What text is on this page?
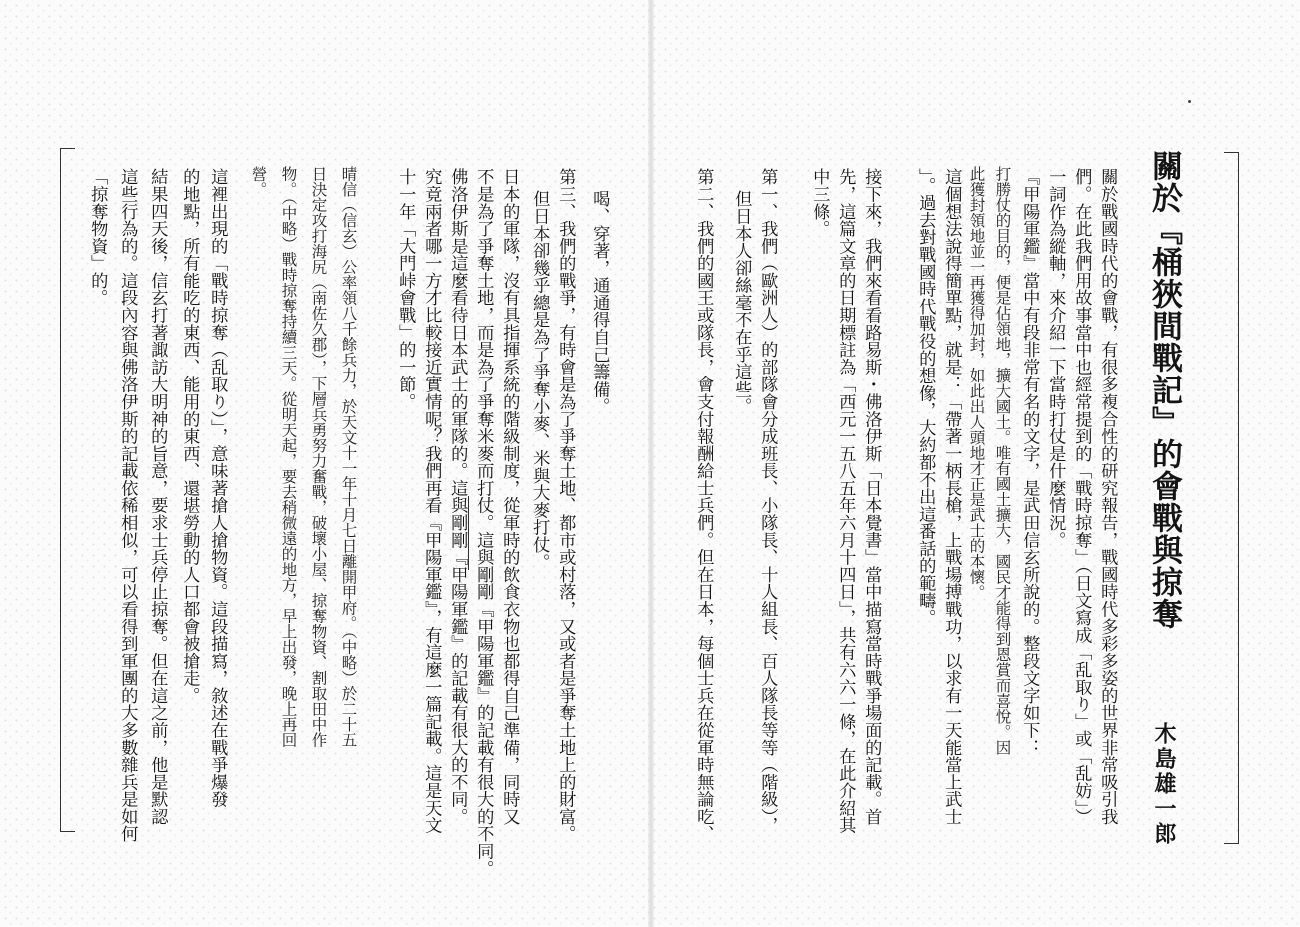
關於『桶狹間戰記』的會戰與掠奪
木島雄一郎
關於戰國時代的會戰，有很多複合性的研究報告，戰國時代多彩多姿的世界非常吸引我
們。在此我們用故事當中也經常提到的「戰時掠奪」（日文寫成「乱取り」或「乱妨」）
一詞作為縱軸，來介紹一下當時打仗是什麼情況。
『甲陽軍鑑』當中有段非常有名的文字，是武田信玄所說的。整段文字如下：
打勝仗的目的，便是佔領地，擴大國土。唯有國土擴大，國民才能得到恩賞而喜悅。因
此獲封領地並一再獲得加封，如此出人頭地才正是武士的本懷。
這個想法說得簡單點，就是：「帶著一柄長槍，上戰場搏戰功，以求有一天能當上武士
」。過去對戰國時代戰役的想像，大約都不出這番話的範疇。
接下來，我們來看看路易斯・佛洛伊斯「日本覺書」當中描寫當時戰爭場面的記載。首
先，這篇文章的日期標註為「西元一五八五年六月十四日」，共有六六一條，在此介紹其
中三條。
第一、我們（歐洲人）的部隊會分成班長、小隊長、十人組長、百人隊長等等（階級），
但日本人卻絲毫不在乎這些。
第二、我們的國王或隊長，會支付報酬給士兵們。但在日本，每個士兵在從軍時無論吃、
喝、穿著，通通得自己籌備。
第三、我們的戰爭，有時會是為了爭奪土地、都市或村落，又或者是爭奪土地上的財富。
但日本卻幾乎總是為了爭奪小麥、米與大麥打仗。
日本的軍隊，沒有具指揮系統的階級制度，從軍時的飲食衣物也都得自己準備，同時又
不是為了爭奪土地，而是為了爭奪米麥而打仗。這與剛剛『甲陽軍鑑』的記載有很大的不同。
佛洛伊斯是這麼看待日本武士的軍隊的。這與剛剛『甲陽軍鑑』的記載有很大的不同。
究竟兩者哪一方才比較接近實情呢？我們再看『甲陽軍鑑』，有這麼一篇記載。這是天文
十一年「大門峠會戰」的一節。
晴信（信玄）公率領八千餘兵力，於天文十一年十月七日離開甲府。（中略）於二十五
日決定攻打海尻（南佐久郡），下層兵勇努力奮戰，破壞小屋、掠奪物資、割取田中作
物。（中略）戰時掠奪持續三天。從明天起，要去稍微遠的地方，早上出發，晚上再回
營。
這裡出現的「戰時掠奪（乱取り）」，意味著搶人搶物資。這段描寫，敘述在戰爭爆發
的地點，所有能吃的東西、能用的東西、還堪勞動的人口都會被搶走。
結果四天後，信玄打著諏訪大明神的旨意，要求士兵停止掠奪。但在這之前，他是默認
這些行為的。這段內容與佛洛伊斯的記載依稀相似，可以看得到軍團的大多數雜兵是如何
「掠奪物資」的。
